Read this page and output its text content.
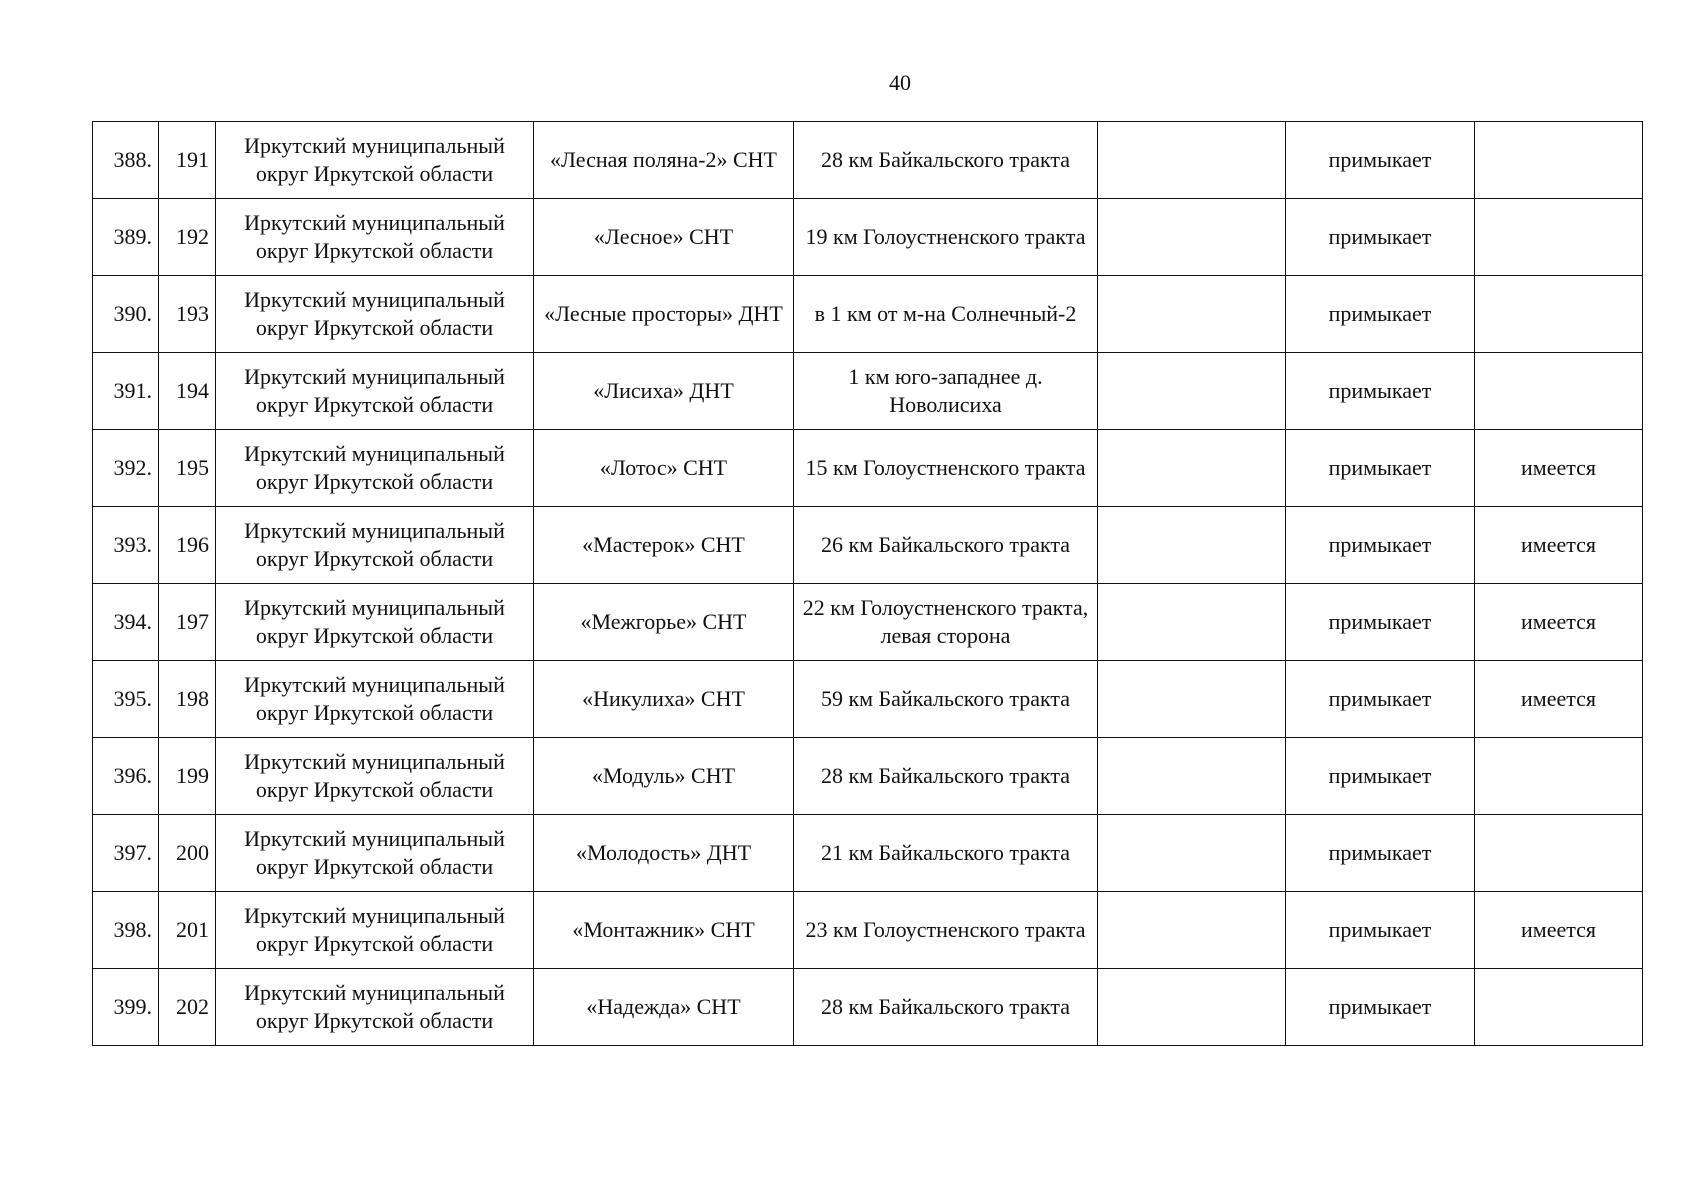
40
388.	191	Иркутский муниципальный округ Иркутской области	«Лесная поляна-2» СНТ	28 км Байкальского тракта		примыкает	
389.	192	Иркутский муниципальный округ Иркутской области	«Лесное» СНТ	19 км Голоустненского тракта		примыкает	
390.	193	Иркутский муниципальный округ Иркутской области	«Лесные просторы» ДНТ	в 1 км от м-на Солнечный-2		примыкает	
391.	194	Иркутский муниципальный округ Иркутской области	«Лисиха» ДНТ	1 км юго-западнее д. Новолисиха		примыкает	
392.	195	Иркутский муниципальный округ Иркутской области	«Лотос» СНТ	15 км Голоустненского тракта		примыкает	имеется
393.	196	Иркутский муниципальный округ Иркутской области	«Мастерок» СНТ	26 км Байкальского тракта		примыкает	имеется
394.	197	Иркутский муниципальный округ Иркутской области	«Межгорье» СНТ	22 км Голоустненского тракта, левая сторона		примыкает	имеется
395.	198	Иркутский муниципальный округ Иркутской области	«Никулиха» СНТ	59 км Байкальского тракта		примыкает	имеется
396.	199	Иркутский муниципальный округ Иркутской области	«Модуль» СНТ	28 км Байкальского тракта		примыкает	
397.	200	Иркутский муниципальный округ Иркутской области	«Молодость» ДНТ	21 км Байкальского тракта		примыкает	
398.	201	Иркутский муниципальный округ Иркутской области	«Монтажник» СНТ	23 км Голоустненского тракта		примыкает	имеется
399.	202	Иркутский муниципальный округ Иркутской области	«Надежда» СНТ	28 км Байкальского тракта		примыкает	
